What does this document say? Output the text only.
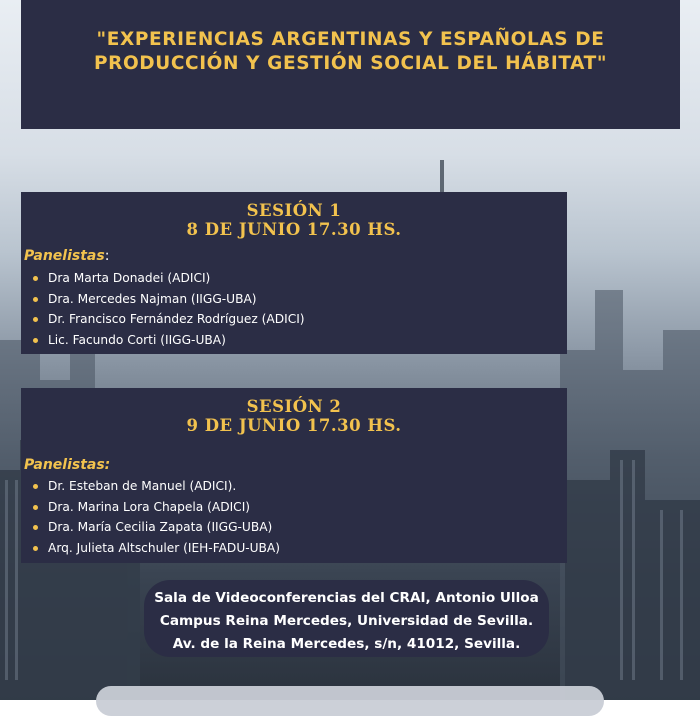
"EXPERIENCIAS ARGENTINAS Y ESPAÑOLAS DE
PRODUCCIÓN Y GESTIÓN SOCIAL DEL HÁBITAT"
SESIÓN 1
8 DE JUNIO 17.30 HS.
Panelistas:
Dra Marta Donadei (ADICI)
Dra. Mercedes Najman (IIGG-UBA)
Dr. Francisco Fernández Rodríguez (ADICI)
Lic. Facundo Corti (IIGG-UBA)
SESIÓN 2
9 DE JUNIO 17.30 HS.
Panelistas:
Dr. Esteban de Manuel (ADICI).
Dra. Marina Lora Chapela (ADICI)
Dra. María Cecilia Zapata (IIGG-UBA)
Arq. Julieta Altschuler (IEH-FADU-UBA)
Sala de Videoconferencias del CRAI, Antonio Ulloa
Campus Reina Mercedes, Universidad de Sevilla.
Av. de la Reina Mercedes, s/n, 41012, Sevilla.
